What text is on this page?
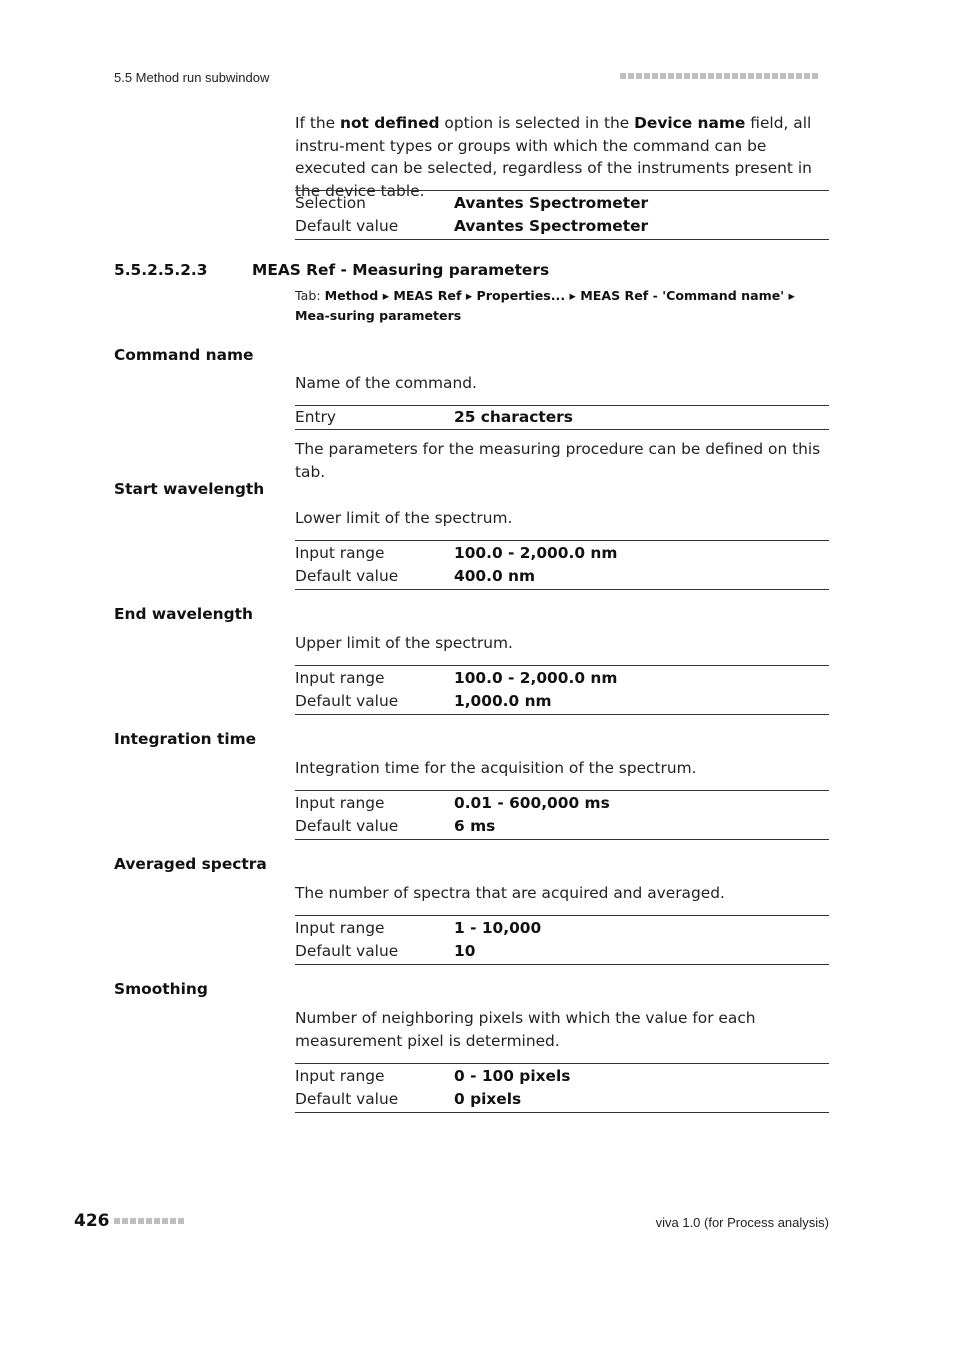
5.5 Method run subwindow
If the not defined option is selected in the Device name field, all instru-ment types or groups with which the command can be executed can be selected, regardless of the instruments present in the device table.
Selection	Avantes Spectrometer
Default value	Avantes Spectrometer
5.5.2.5.2.3	MEAS Ref - Measuring parameters
Tab: Method ▸ MEAS Ref ▸ Properties... ▸ MEAS Ref - 'Command name' ▸ Mea-suring parameters
Command name
Name of the command.
Entry	25 characters
The parameters for the measuring procedure can be defined on this tab.
Start wavelength
Lower limit of the spectrum.
Input range	100.0 - 2,000.0 nm
Default value	400.0 nm
End wavelength
Upper limit of the spectrum.
Input range	100.0 - 2,000.0 nm
Default value	1,000.0 nm
Integration time
Integration time for the acquisition of the spectrum.
Input range	0.01 - 600,000 ms
Default value	6 ms
Averaged spectra
The number of spectra that are acquired and averaged.
Input range	1 - 10,000
Default value	10
Smoothing
Number of neighboring pixels with which the value for each measurement pixel is determined.
Input range	0 - 100 pixels
Default value	0 pixels
426	viva 1.0 (for Process analysis)
